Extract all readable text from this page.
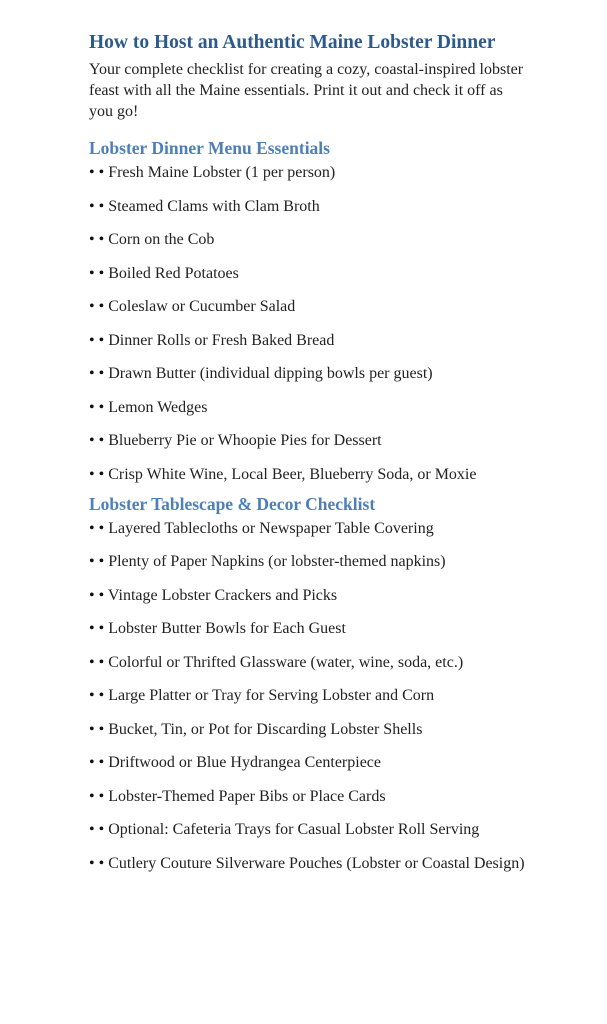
How to Host an Authentic Maine Lobster Dinner

Your complete checklist for creating a cozy, coastal-inspired lobster feast with all the Maine essentials. Print it out and check it off as you go!

Lobster Dinner Menu Essentials
• • Fresh Maine Lobster (1 per person)
• • Steamed Clams with Clam Broth
• • Corn on the Cob
• • Boiled Red Potatoes
• • Coleslaw or Cucumber Salad
• • Dinner Rolls or Fresh Baked Bread
• • Drawn Butter (individual dipping bowls per guest)
• • Lemon Wedges
• • Blueberry Pie or Whoopie Pies for Dessert
• • Crisp White Wine, Local Beer, Blueberry Soda, or Moxie
Lobster Tablescape & Decor Checklist
• • Layered Tablecloths or Newspaper Table Covering
• • Plenty of Paper Napkins (or lobster-themed napkins)
• • Vintage Lobster Crackers and Picks
• • Lobster Butter Bowls for Each Guest
• • Colorful or Thrifted Glassware (water, wine, soda, etc.)
• • Large Platter or Tray for Serving Lobster and Corn
• • Bucket, Tin, or Pot for Discarding Lobster Shells
• • Driftwood or Blue Hydrangea Centerpiece
• • Lobster-Themed Paper Bibs or Place Cards
• • Optional: Cafeteria Trays for Casual Lobster Roll Serving
• • Cutlery Couture Silverware Pouches (Lobster or Coastal Design)
